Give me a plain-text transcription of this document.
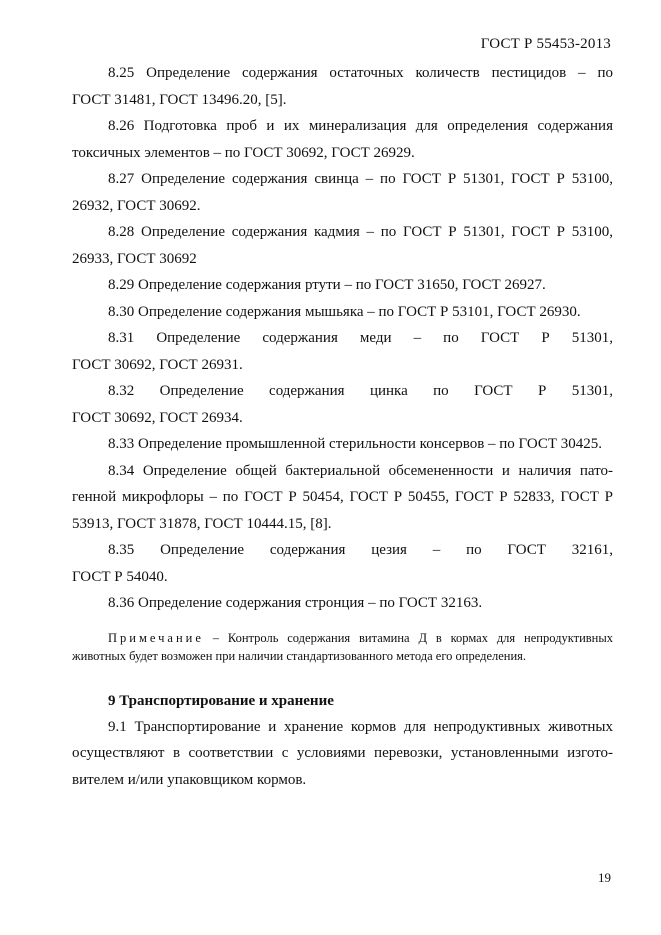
ГОСТ Р 55453-2013
8.25 Определение содержания остаточных количеств пестицидов – по
ГОСТ 31481, ГОСТ 13496.20, [5].
8.26 Подготовка проб и их минерализация для определения содержания
токсичных элементов – по ГОСТ 30692, ГОСТ 26929.
8.27 Определение содержания свинца – по ГОСТ Р 51301, ГОСТ Р 53100,
26932, ГОСТ 30692.
8.28 Определение содержания кадмия – по ГОСТ Р 51301, ГОСТ Р 53100,
26933, ГОСТ 30692
8.29 Определение содержания ртути – по ГОСТ 31650, ГОСТ 26927.
8.30 Определение содержания мышьяка – по ГОСТ Р 53101, ГОСТ 26930.
8.31 Определение содержания меди – по ГОСТ Р 51301,
ГОСТ 30692, ГОСТ 26931.
8.32 Определение содержания цинка по ГОСТ Р 51301,
ГОСТ 30692, ГОСТ 26934.
8.33 Определение промышленной стерильности консервов – по ГОСТ 30425.
8.34 Определение общей бактериальной обсемененности и наличия пато-
генной микрофлоры – по ГОСТ Р 50454, ГОСТ Р 50455, ГОСТ Р 52833, ГОСТ Р 53913, ГОСТ 31878, ГОСТ 10444.15, [8].
8.35 Определение содержания цезия – по ГОСТ 32161,
ГОСТ Р 54040.
8.36 Определение содержания стронция – по ГОСТ 32163.
Примечание – Контроль содержания витамина Д в кормах для непродуктивных животных будет возможен при наличии стандартизованного метода его определения.
9 Транспортирование и хранение
9.1 Транспортирование и хранение кормов для непродуктивных животных осуществляют в соответствии с условиями перевозки, установленными изгото-вителем и/или упаковщиком кормов.
19
